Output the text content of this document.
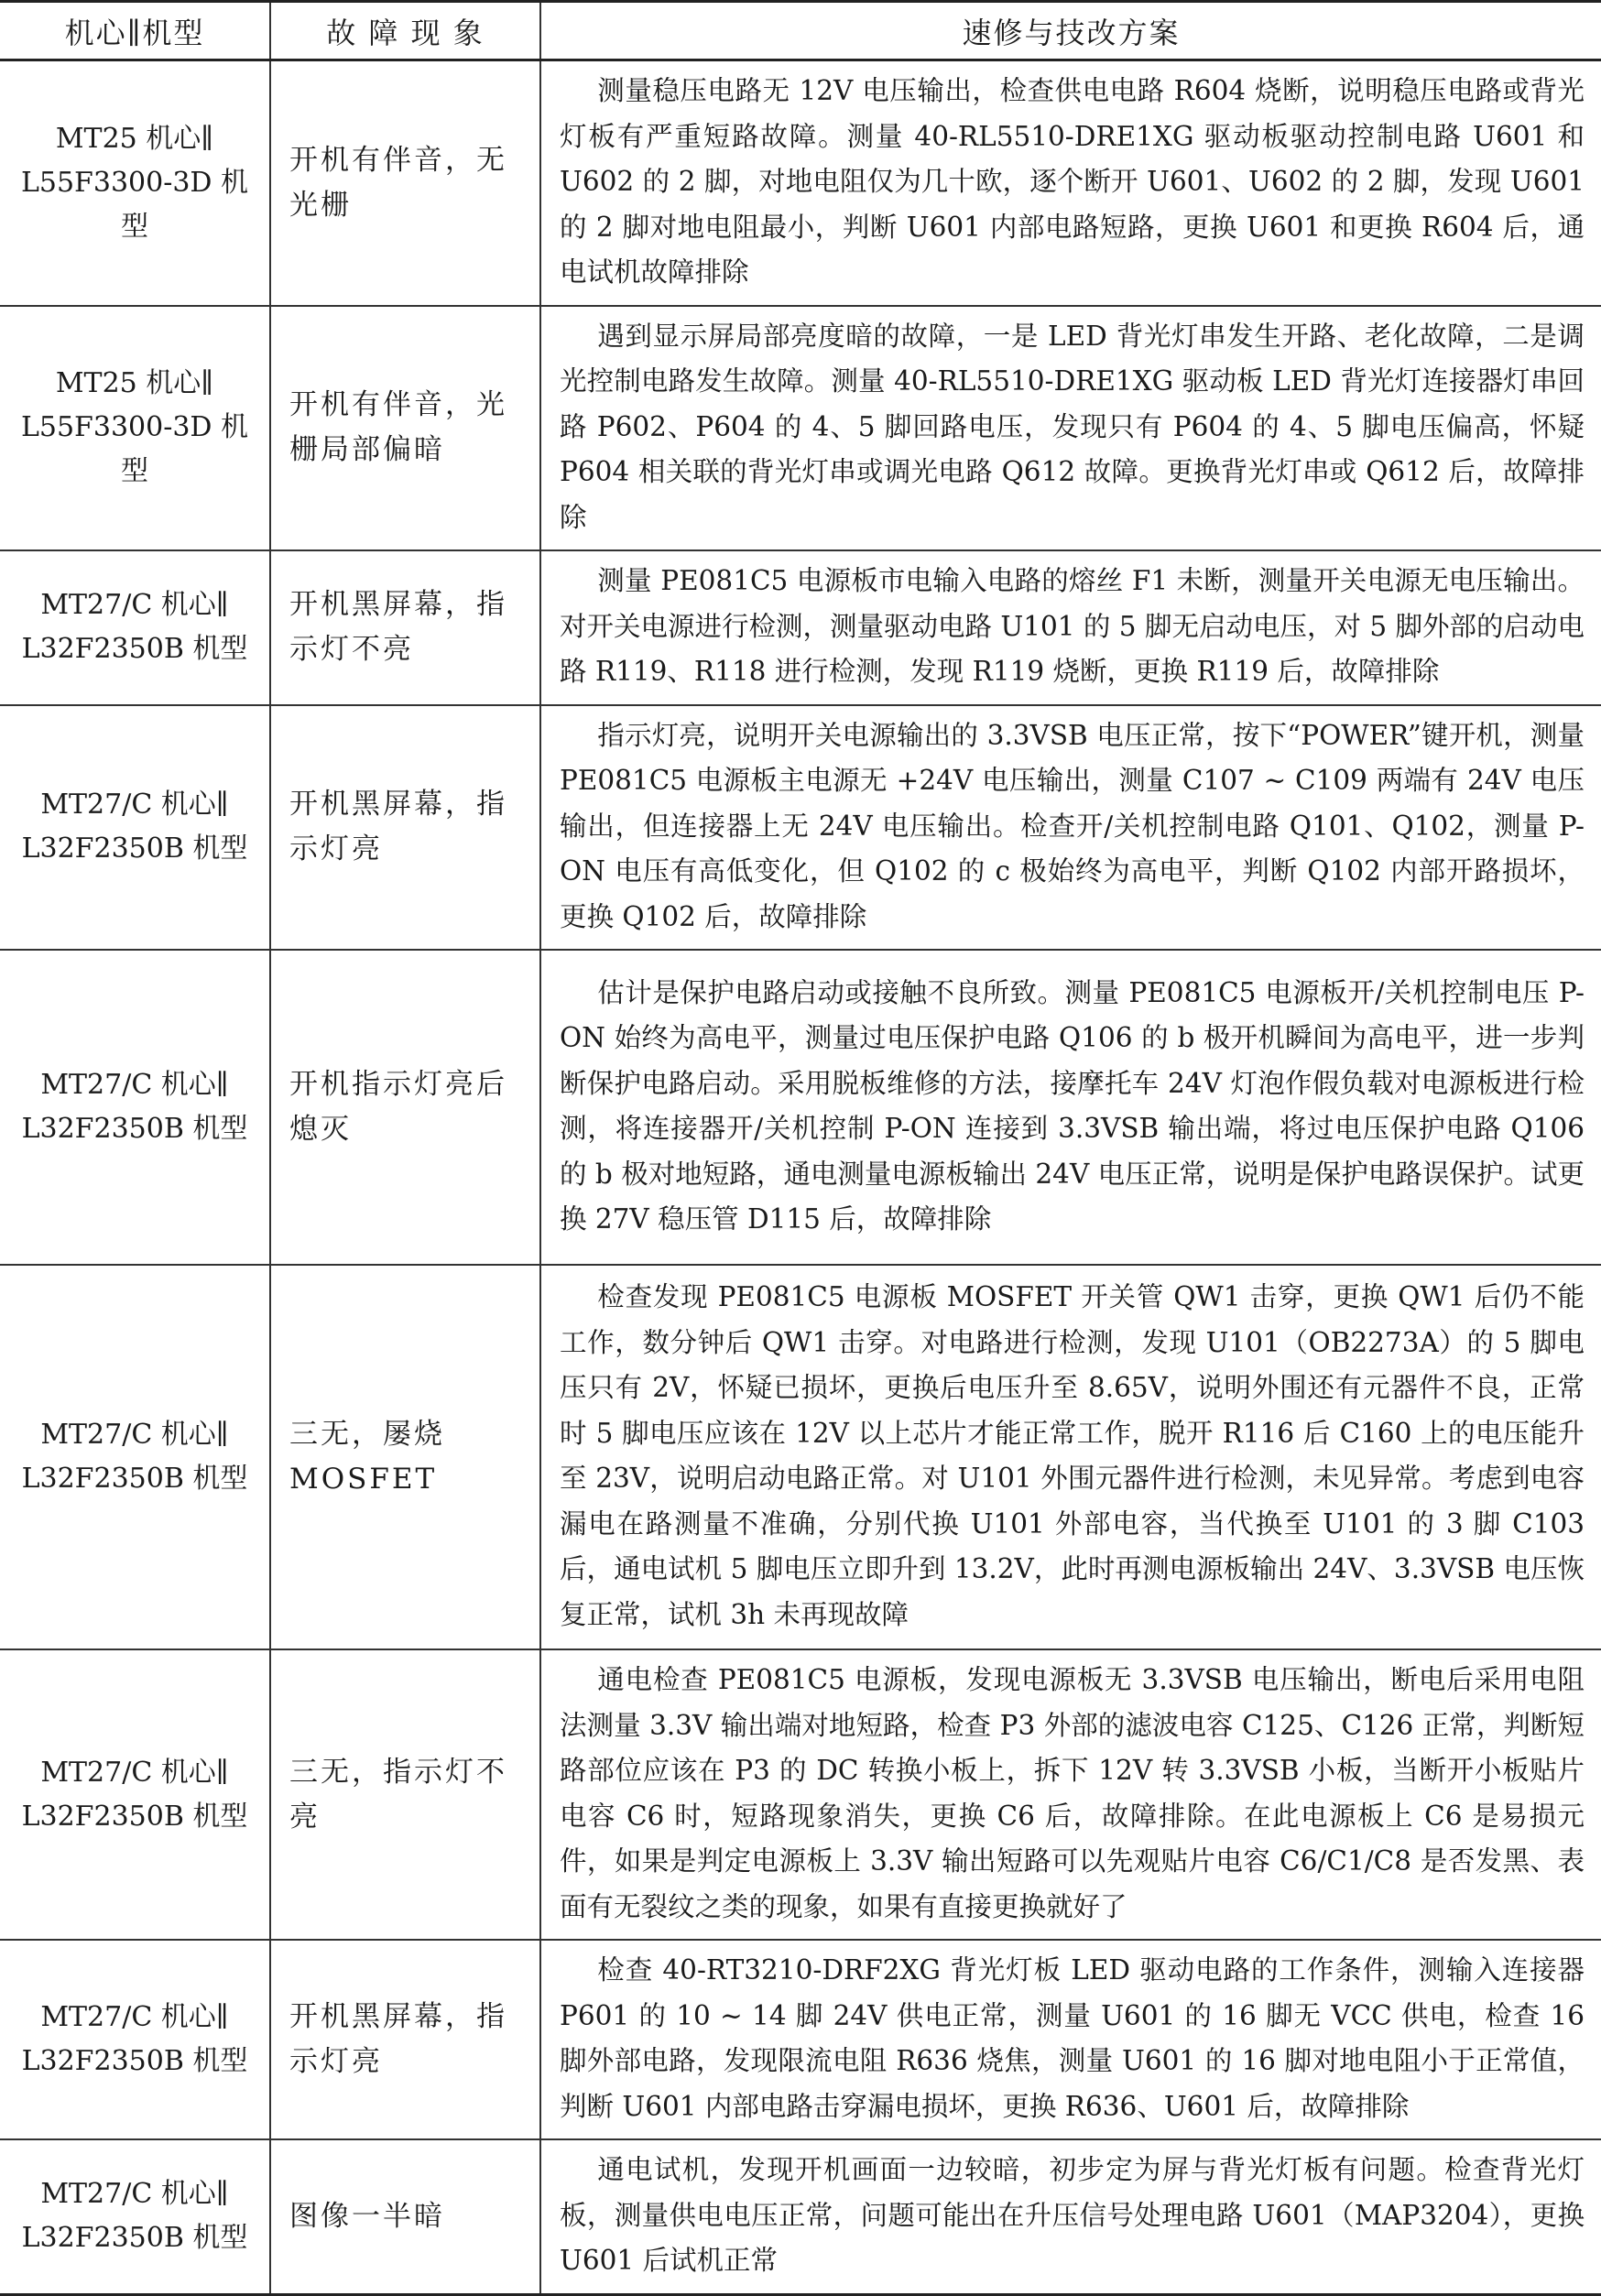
机心∥机型	故 障 现 象	速修与技改方案
MT25 机心∥ L55F3300-3D 机型	开机有伴音，无光栅	测量稳压电路无 12V 电压输出，检查供电电路 R604 烧断，说明稳压电路或背光灯板有严重短路故障。测量 40-RL5510-DRE1XG 驱动板驱动控制电路 U601 和 U602 的 2 脚，对地电阻仅为几十欧，逐个断开 U601、U602 的 2 脚，发现 U601 的 2 脚对地电阻最小，判断 U601 内部电路短路，更换 U601 和更换 R604 后，通电试机故障排除
MT25 机心∥ L55F3300-3D 机型	开机有伴音，光栅局部偏暗	遇到显示屏局部亮度暗的故障，一是 LED 背光灯串发生开路、老化故障，二是调光控制电路发生故障。测量 40-RL5510-DRE1XG 驱动板 LED 背光灯连接器灯串回路 P602、P604 的 4、5 脚回路电压，发现只有 P604 的 4、5 脚电压偏高，怀疑 P604 相关联的背光灯串或调光电路 Q612 故障。更换背光灯串或 Q612 后，故障排除
MT27/C 机心∥ L32F2350B 机型	开机黑屏幕，指示灯不亮	测量 PE081C5 电源板市电输入电路的熔丝 F1 未断，测量开关电源无电压输出。对开关电源进行检测，测量驱动电路 U101 的 5 脚无启动电压，对 5 脚外部的启动电路 R119、R118 进行检测，发现 R119 烧断，更换 R119 后，故障排除
MT27/C 机心∥ L32F2350B 机型	开机黑屏幕，指示灯亮	指示灯亮，说明开关电源输出的 3.3VSB 电压正常，按下“POWER”键开机，测量 PE081C5 电源板主电源无 +24V 电压输出，测量 C107 ~ C109 两端有 24V 电压输出，但连接器上无 24V 电压输出。检查开/关机控制电路 Q101、Q102，测量 P-ON 电压有高低变化，但 Q102 的 c 极始终为高电平，判断 Q102 内部开路损坏，更换 Q102 后，故障排除
MT27/C 机心∥ L32F2350B 机型	开机指示灯亮后熄灭	估计是保护电路启动或接触不良所致。测量 PE081C5 电源板开/关机控制电压 P-ON 始终为高电平，测量过电压保护电路 Q106 的 b 极开机瞬间为高电平，进一步判断保护电路启动。采用脱板维修的方法，接摩托车 24V 灯泡作假负载对电源板进行检测，将连接器开/关机控制 P-ON 连接到 3.3VSB 输出端，将过电压保护电路 Q106 的 b 极对地短路，通电测量电源板输出 24V 电压正常，说明是保护电路误保护。试更换 27V 稳压管 D115 后，故障排除
MT27/C 机心∥ L32F2350B 机型	三无，屡烧 MOSFET	检查发现 PE081C5 电源板 MOSFET 开关管 QW1 击穿，更换 QW1 后仍不能工作，数分钟后 QW1 击穿。对电路进行检测，发现 U101（OB2273A）的 5 脚电压只有 2V，怀疑已损坏，更换后电压升至 8.65V，说明外围还有元器件不良，正常时 5 脚电压应该在 12V 以上芯片才能正常工作，脱开 R116 后 C160 上的电压能升至 23V，说明启动电路正常。对 U101 外围元器件进行检测，未见异常。考虑到电容漏电在路测量不准确，分别代换 U101 外部电容，当代换至 U101 的 3 脚 C103 后，通电试机 5 脚电压立即升到 13.2V，此时再测电源板输出 24V、3.3VSB 电压恢复正常，试机 3h 未再现故障
MT27/C 机心∥ L32F2350B 机型	三无，指示灯不亮	通电检查 PE081C5 电源板，发现电源板无 3.3VSB 电压输出，断电后采用电阻法测量 3.3V 输出端对地短路，检查 P3 外部的滤波电容 C125、C126 正常，判断短路部位应该在 P3 的 DC 转换小板上，拆下 12V 转 3.3VSB 小板，当断开小板贴片电容 C6 时，短路现象消失，更换 C6 后，故障排除。在此电源板上 C6 是易损元件，如果是判定电源板上 3.3V 输出短路可以先观贴片电容 C6/C1/C8 是否发黑、表面有无裂纹之类的现象，如果有直接更换就好了
MT27/C 机心∥ L32F2350B 机型	开机黑屏幕，指示灯亮	检查 40-RT3210-DRF2XG 背光灯板 LED 驱动电路的工作条件，测输入连接器 P601 的 10 ~ 14 脚 24V 供电正常，测量 U601 的 16 脚无 VCC 供电，检查 16 脚外部电路，发现限流电阻 R636 烧焦，测量 U601 的 16 脚对地电阻小于正常值，判断 U601 内部电路击穿漏电损坏，更换 R636、U601 后，故障排除
MT27/C 机心∥ L32F2350B 机型	图像一半暗	通电试机，发现开机画面一边较暗，初步定为屏与背光灯板有问题。检查背光灯板，测量供电电压正常，问题可能出在升压信号处理电路 U601（MAP3204），更换 U601 后试机正常
